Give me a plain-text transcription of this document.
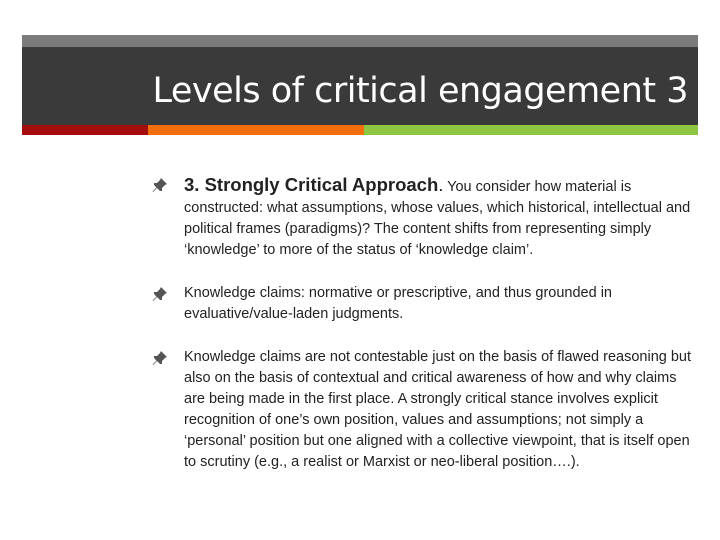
Levels of critical engagement 3
3. Strongly Critical Approach. You consider how material is constructed: what assumptions, whose values, which historical, intellectual and political frames (paradigms)? The content shifts from representing simply ‘knowledge’ to more of the status of ‘knowledge claim’.
Knowledge claims: normative or prescriptive, and thus grounded in evaluative/value-laden judgments.
Knowledge claims are not contestable just on the basis of flawed reasoning but also on the basis of contextual and critical awareness of how and why claims are being made in the first place. A strongly critical stance involves explicit recognition of one’s own position, values and assumptions; not simply a ‘personal’ position but one aligned with a collective viewpoint, that is itself open to scrutiny (e.g., a realist or Marxist or neo-liberal position….).
